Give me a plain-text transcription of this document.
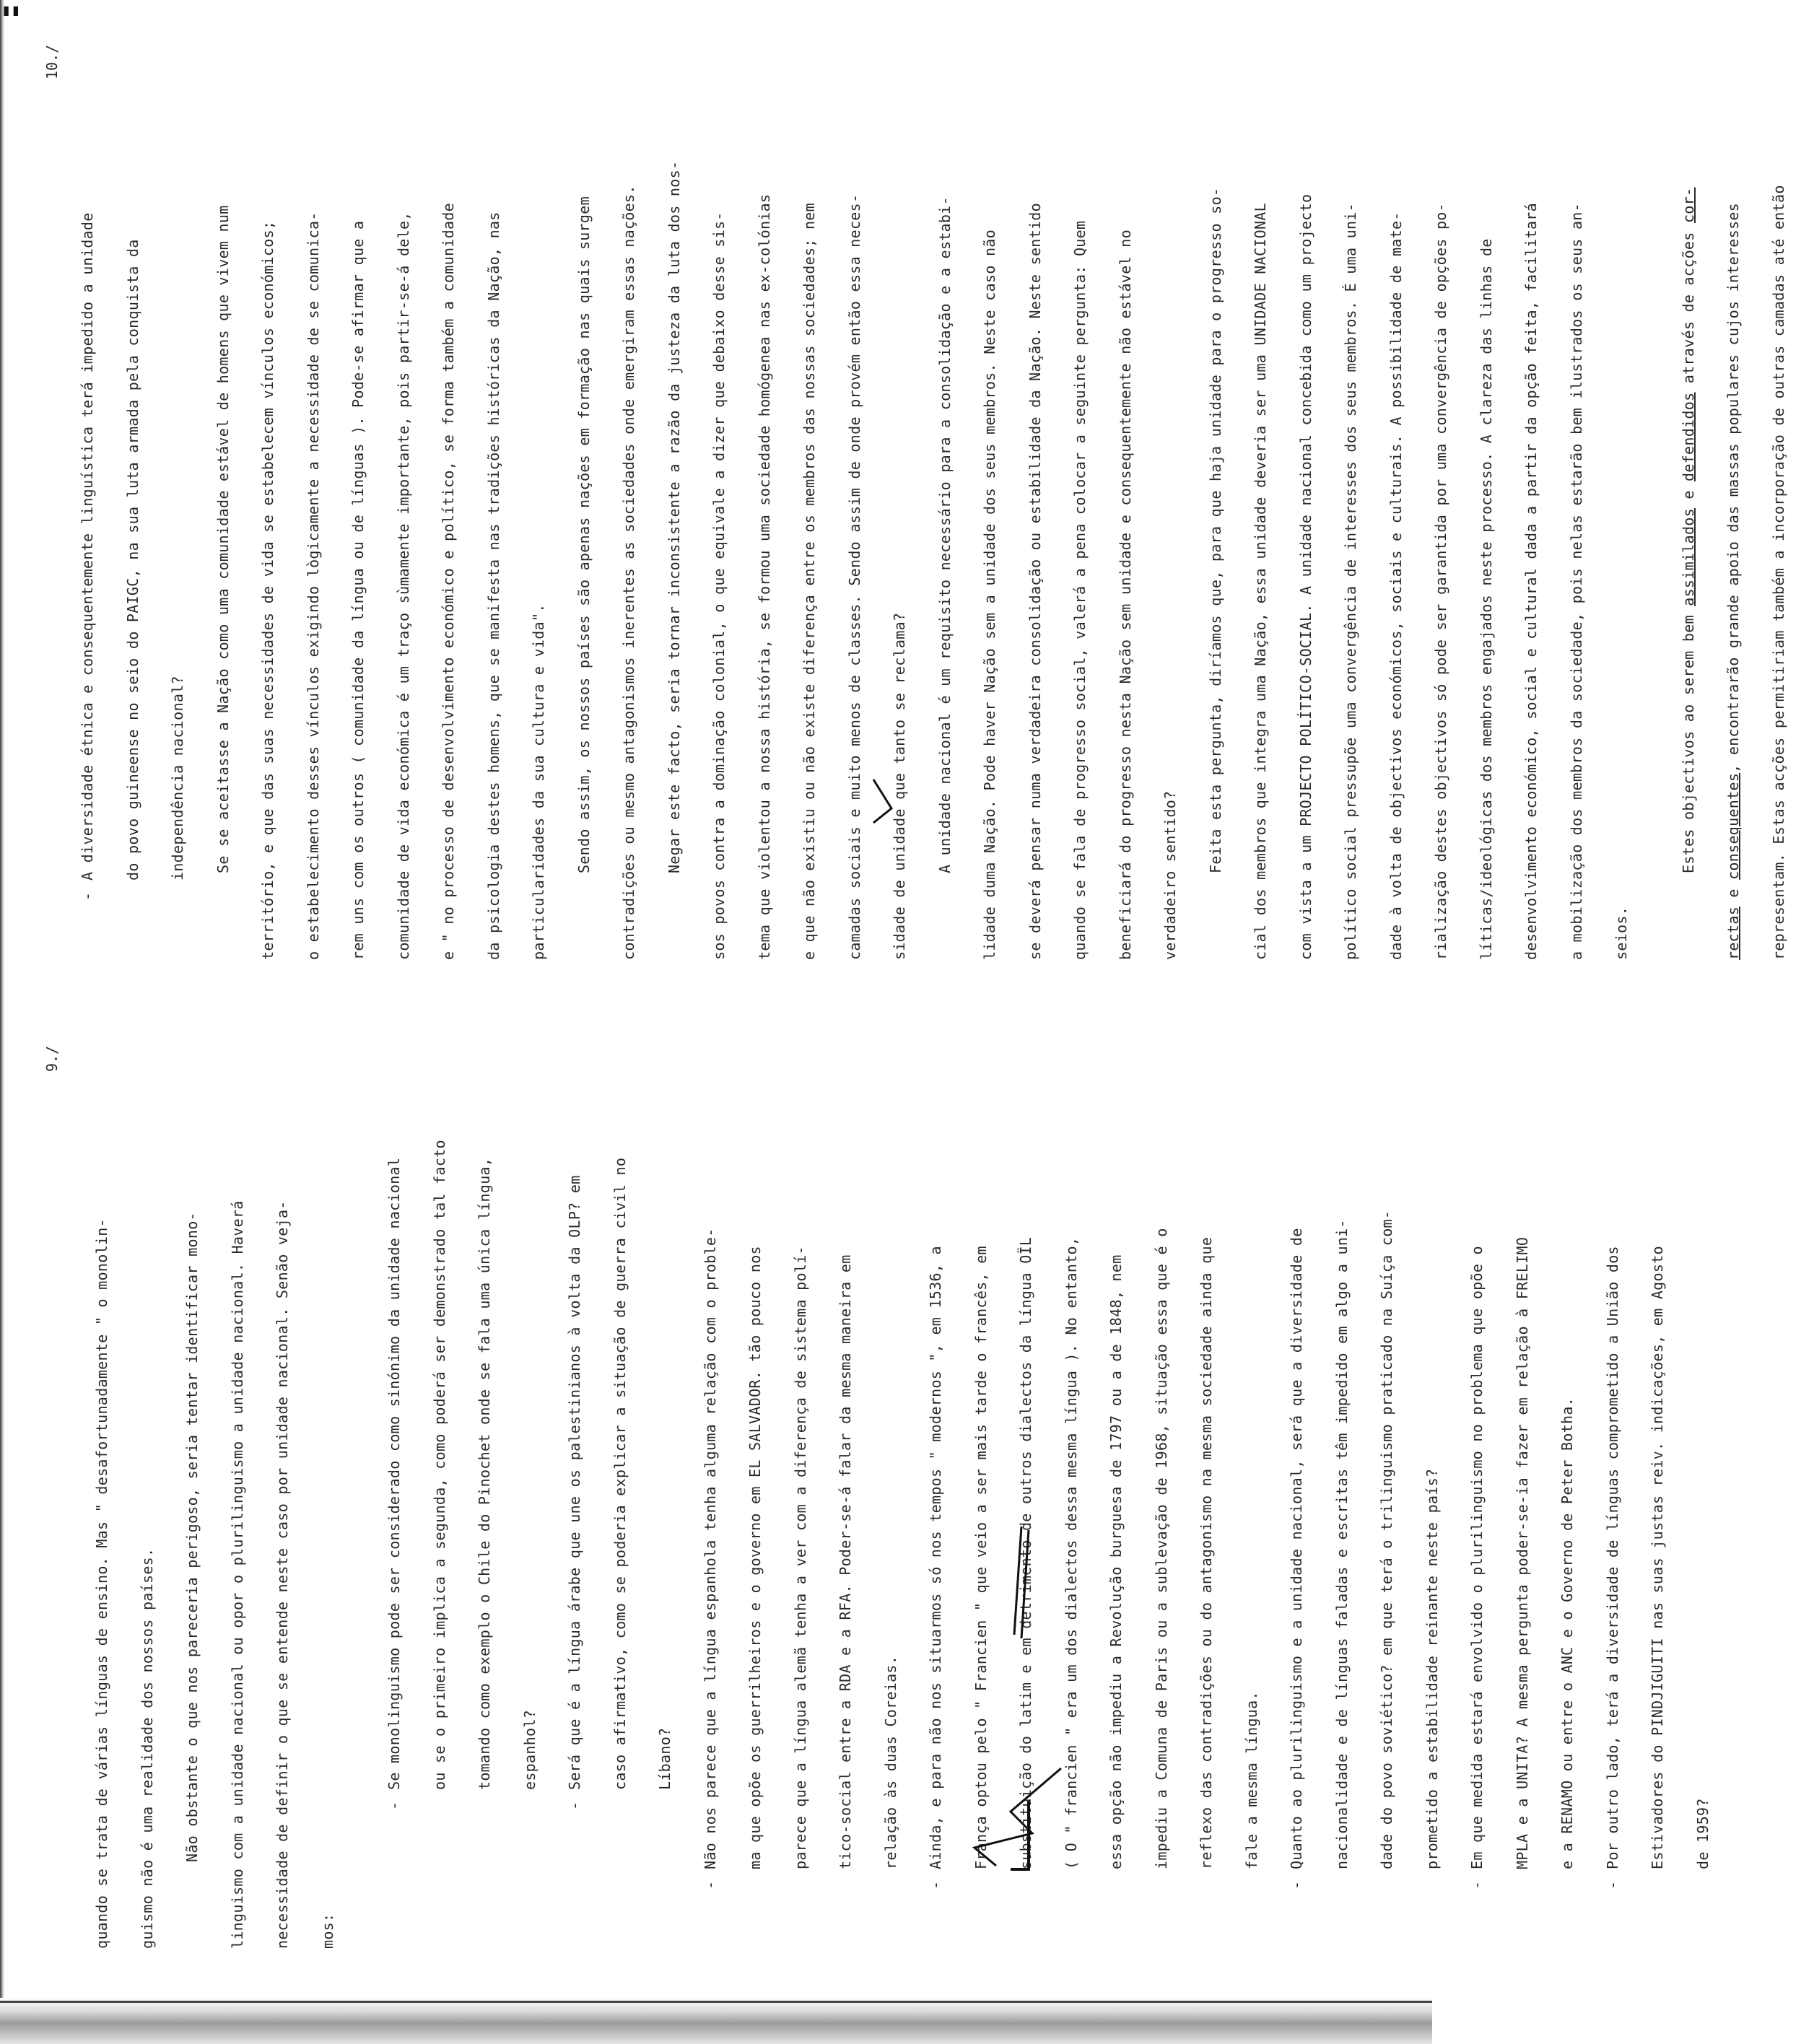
▮▮
9./
10./

quando se trata de várias línguas de ensino. Mas " desafortunadamente " o monolin-	guismo não é uma realidade dos nossos países.	Não obstante o que nos pareceria perigoso, seria tentar identificar mono-	linguismo com a unidade nacional ou opor o plurilinguismo a unidade nacional. Haverá	necessidade de definir o que se entende neste caso por unidade nacional. Senão veja-	mos:

-Se monolinguismo pode ser considerado como sinónimo da unidade nacional	ou se o primeiro implica a segunda, como poderá ser demonstrado tal facto	tomando como exemplo o Chile do Pinochet onde se fala uma única língua,	espanhol?

-Será que é a língua árabe que une os palestinianos à volta da OLP? em	caso afirmativo, como se poderia explicar a situação de guerra civil no	Líbano?

-Não nos parece que a língua espanhola tenha alguma relação com o proble-	ma que opõe os guerrilheiros e o governo em EL SALVADOR. tão pouco nos	parece que a língua alemã tenha a ver com a diferença de sistema polí-	tico-social entre a RDA e a RFA. Poder-se-á falar da mesma maneira em	relação às duas Coreias.

-Ainda, e para não nos situarmos só nos tempos " modernos ", em 1536, a	França optou pelo " Francien " que veio a ser mais tarde o francês, em	substituição do latim e em detrimento de outros dialectos da língua OÏL	( O " francien " era um dos dialectos dessa mesma língua ). No entanto,	essa opção não impediu a Revolução burguesa de 1797 ou a de 1848, nem	impediu a Comuna de Paris ou a sublevação de 1968, situação essa que é o	reflexo das contradições ou do antagonismo na mesma sociedade ainda que	fale a mesma língua.

-Quanto ao plurilinguismo e a unidade nacional, será que a diversidade de	nacionalidade e de línguas faladas e escritas têm impedido em algo a uni-	dade do povo soviético? em que terá o trilinguismo praticado na Suíça com-	prometido a estabilidade reinante neste país?

-Em que medida estará envolvido o plurilinguismo no problema que opõe o	MPLA e a UNITA? A mesma pergunta poder-se-ia fazer em relação à FRELIMO	e a RENAMO ou entre o ANC e o Governo de Peter Botha.

-Por outro lado, terá a diversidade de línguas comprometido a União dos	Estivadores do PINDJIGUITI nas suas justas reiv. indicações, em Agosto	de 1959?

-A diversidade étnica e consequentemente linguística terá impedido a unidade	do povo guineense no seio do PAIGC, na sua luta armada pela conquista da	independência nacional?	Se se aceitasse a Nação como uma comunidade estável de homens que vivem num	território, e que das suas necessidades de vida se estabelecem vínculos económicos;	o estabelecimento desses vínculos exigindo lògicamente a necessidade de se comunica-	rem uns com os outros ( comunidade da língua ou de línguas ). Pode-se afirmar que a	comunidade de vida económica é um traço sùmamente importante, pois partir-se-á dele,	e " no processo de desenvolvimento económico e político, se forma também a comunidade	da psicologia destes homens, que se manifesta nas tradições históricas da Nação, nas	particularidades da sua cultura e vida".	Sendo assim, os nossos países são apenas nações em formação nas quais surgem	contradições ou mesmo antagonismos inerentes as sociedades onde emergiram essas nações.	Negar este facto, seria tornar inconsistente a razão da justeza da luta dos nos-	sos povos contra a dominação colonial, o que equivale a dizer que debaixo desse sis-	tema que violentou a nossa história, se formou uma sociedade homógenea nas ex-colónias	e que não existiu ou não existe diferença entre os membros das nossas sociedades; nem	camadas sociais e muito menos de classes. Sendo assim de onde provém então essa neces-	sidade de unidade que tanto se reclama?	A unidade nacional é um requisito necessário para a consolidação e a estabi-	lidade duma Nação. Pode haver Nação sem a unidade dos seus membros. Neste caso não	se deverá pensar numa verdadeira consolidação ou estabilidade da Nação. Neste sentido	quando se fala de progresso social, valerá a pena colocar a seguinte pergunta: Quem	beneficiará do progresso nesta Nação sem unidade e consequentemente não estável no	verdadeiro sentido?

Feita esta pergunta, diríamos que, para que haja unidade para o progresso so-	cial dos membros que integra uma Nação, essa unidade deveria ser uma UNIDADE NACIONAL	com vista a um PROJECTO POLÍTICO-SOCIAL. A unidade nacional concebida como um projecto	político social pressupõe uma convergência de interesses dos seus membros. É uma uni-	dade à volta de objectivos económicos, sociais e culturais. A possibilidade de mate-	rialização destes objectivos só pode ser garantida por uma convergência de opções po-	líticas/ideológicas dos membros engajados neste processo. A clareza das linhas de	desenvolvimento económico, social e cultural dada a partir da opção feita, facilitará	a mobilização dos membros da sociedade, pois nelas estarão bem ilustrados os seus an-	seios.

Estes objectivos ao serem bem assimilados e defendidos através de acções cor-

rectas e consequentes, encontrarão grande apoio das massas populares cujos interesses	representam. Estas acções permitiriam também a incorporação de outras camadas até então
